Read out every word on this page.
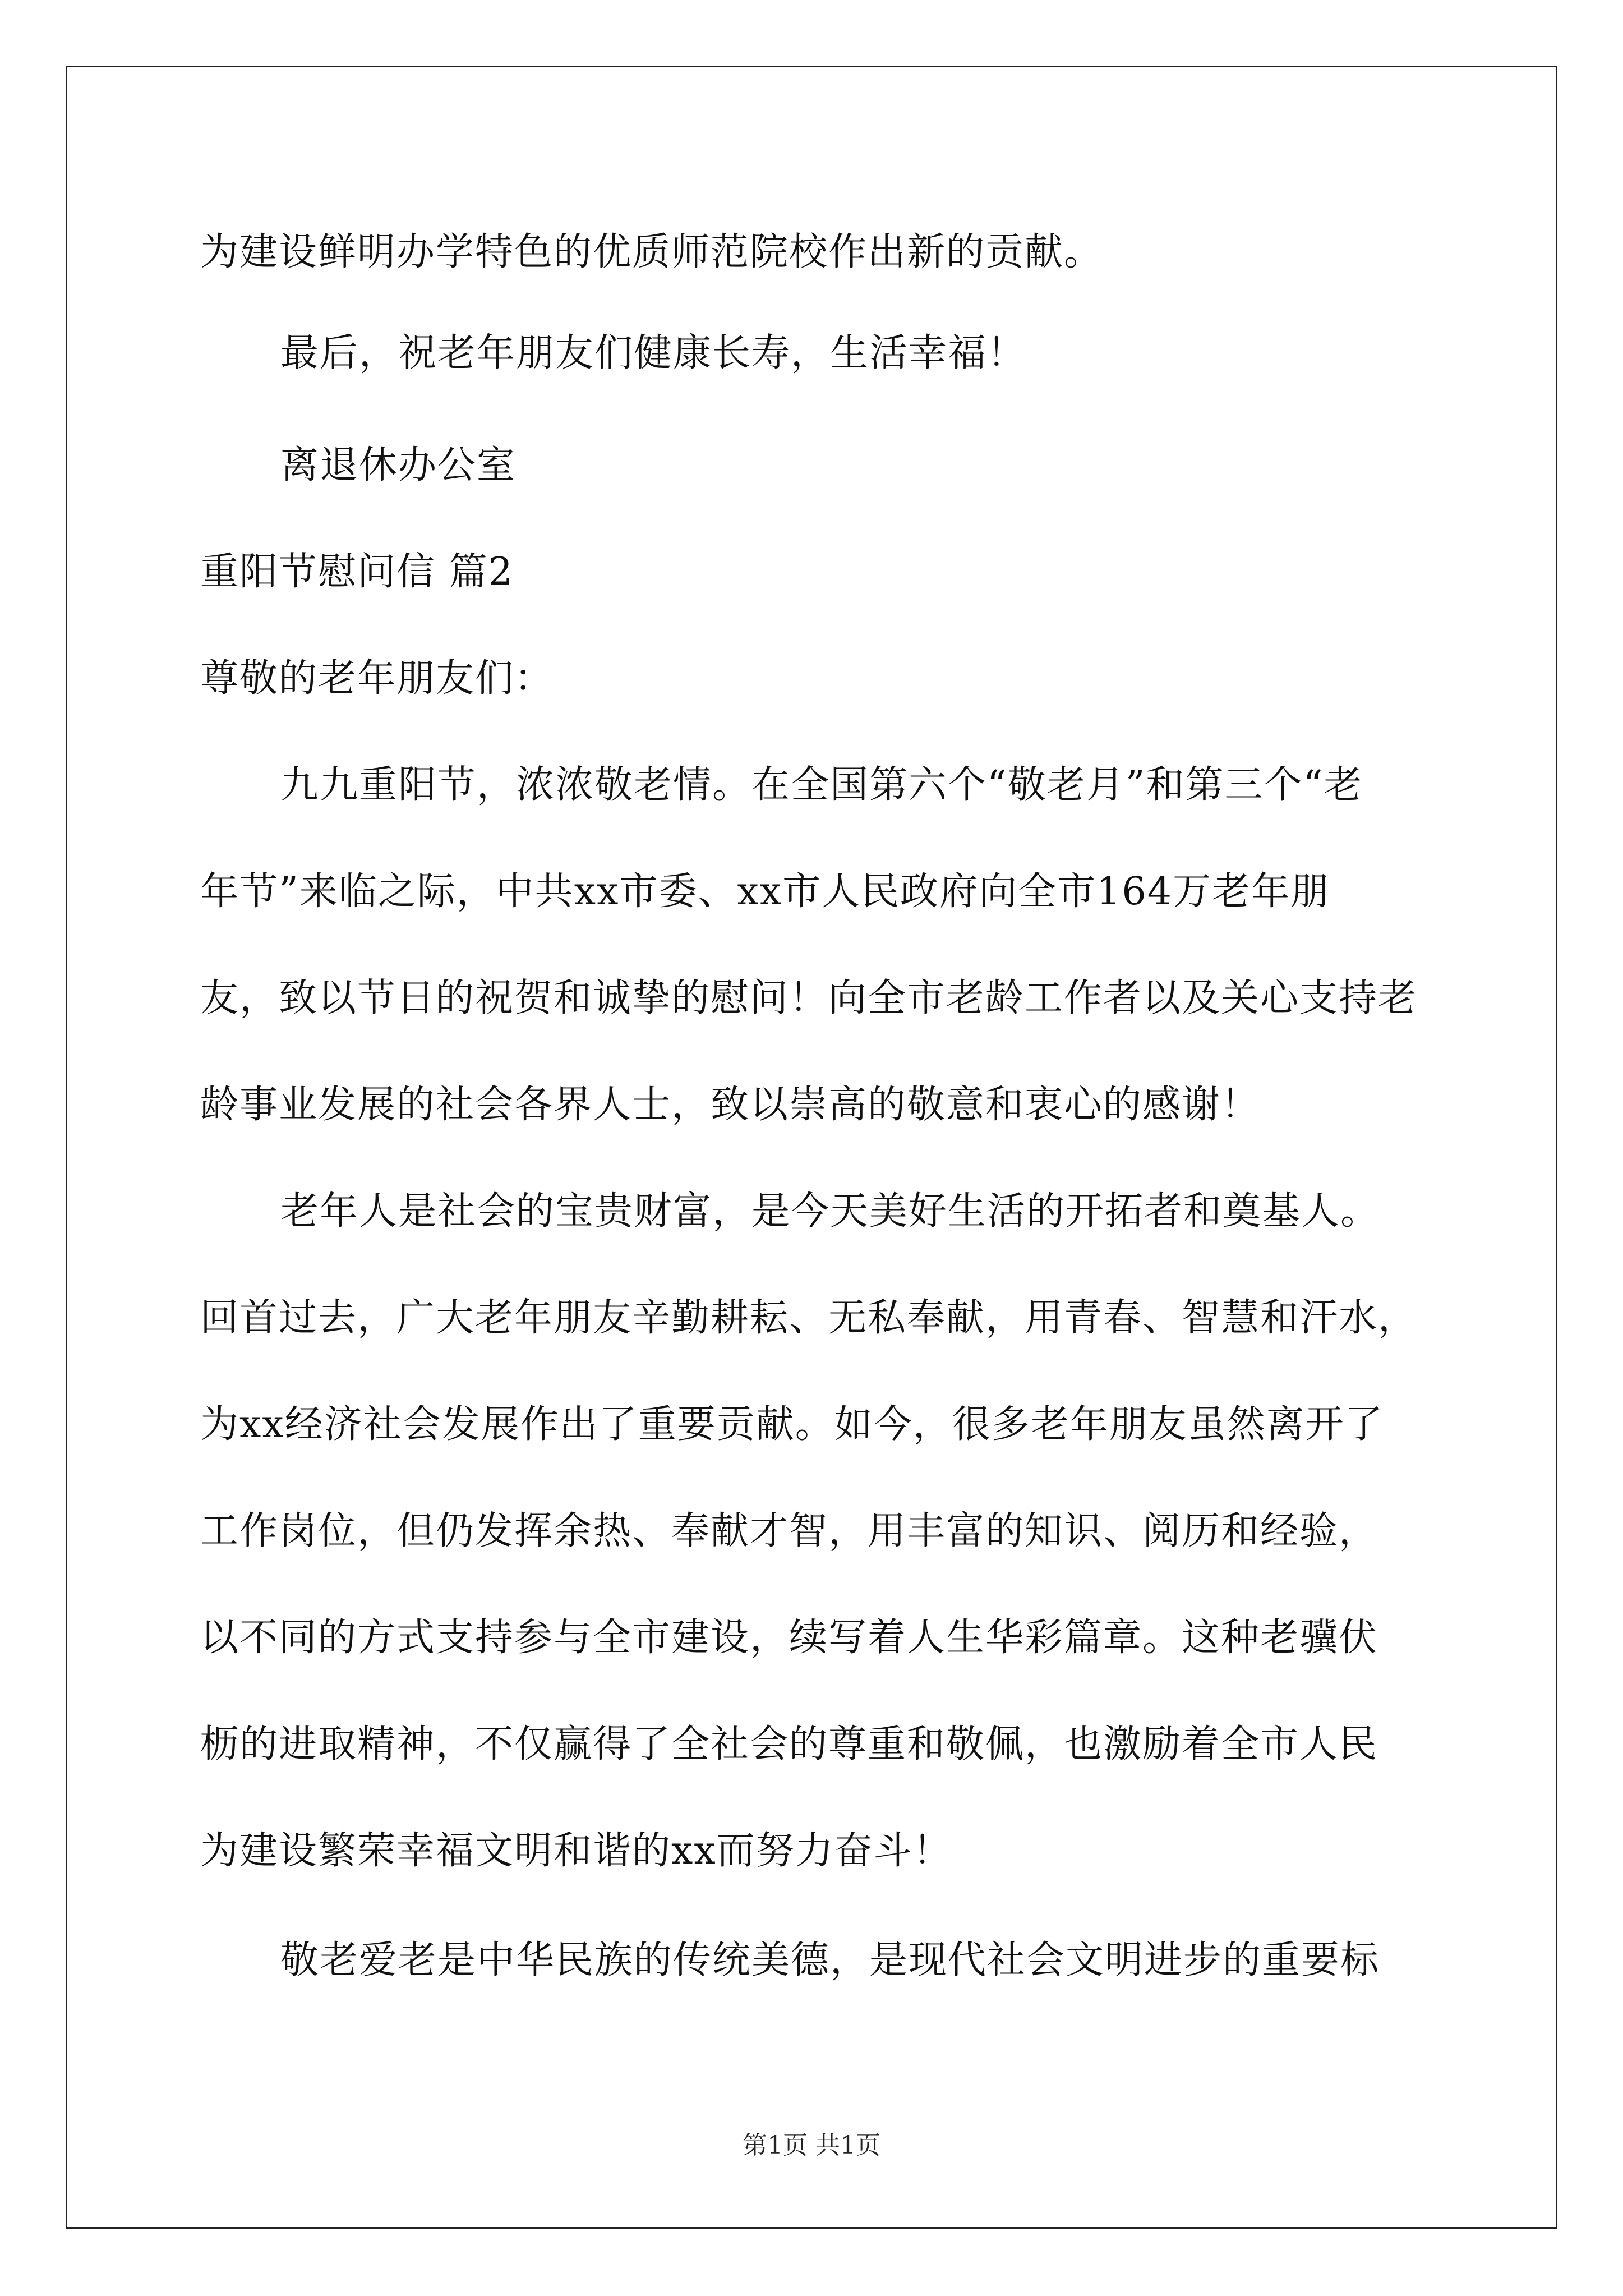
为建设鲜明办学特色的优质师范院校作出新的贡献。
最后，祝老年朋友们健康长寿，生活幸福！
离退休办公室
重阳节慰问信 篇2
尊敬的老年朋友们：
九九重阳节，浓浓敬老情。在全国第六个“敬老月”和第三个“老
年节”来临之际，中共xx市委、xx市人民政府向全市164万老年朋
友，致以节日的祝贺和诚挚的慰问！向全市老龄工作者以及关心支持老
龄事业发展的社会各界人士，致以崇高的敬意和衷心的感谢！
老年人是社会的宝贵财富，是今天美好生活的开拓者和奠基人。
回首过去，广大老年朋友辛勤耕耘、无私奉献，用青春、智慧和汗水，
为xx经济社会发展作出了重要贡献。如今，很多老年朋友虽然离开了
工作岗位，但仍发挥余热、奉献才智，用丰富的知识、阅历和经验，
以不同的方式支持参与全市建设，续写着人生华彩篇章。这种老骥伏
枥的进取精神，不仅赢得了全社会的尊重和敬佩，也激励着全市人民
为建设繁荣幸福文明和谐的xx而努力奋斗！
敬老爱老是中华民族的传统美德，是现代社会文明进步的重要标
第1页 共1页
